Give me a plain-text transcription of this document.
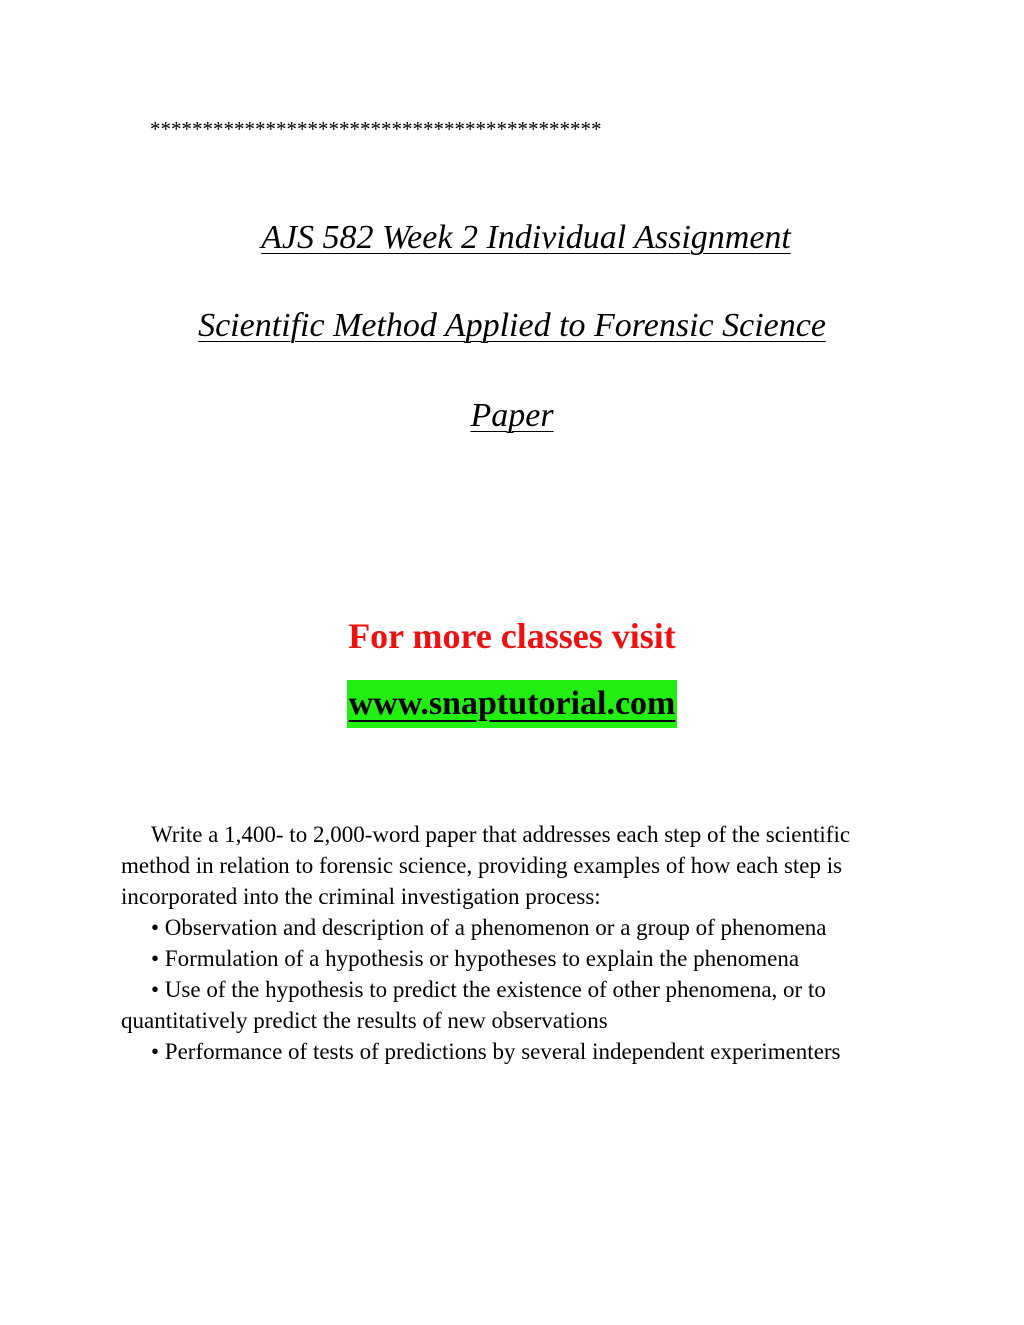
*******************************************
AJS 582 Week 2 Individual Assignment
Scientific Method Applied to Forensic Science
Paper
For more classes visit
www.snaptutorial.com

Write a 1,400- to 2,000-word paper that addresses each step of the scientific method in relation to forensic science, providing examples of how each step is incorporated into the criminal investigation process:

• Observation and description of a phenomenon or a group of phenomena

• Formulation of a hypothesis or hypotheses to explain the phenomena

• Use of the hypothesis to predict the existence of other phenomena, or to quantitatively predict the results of new observations

• Performance of tests of predictions by several independent experimenters
